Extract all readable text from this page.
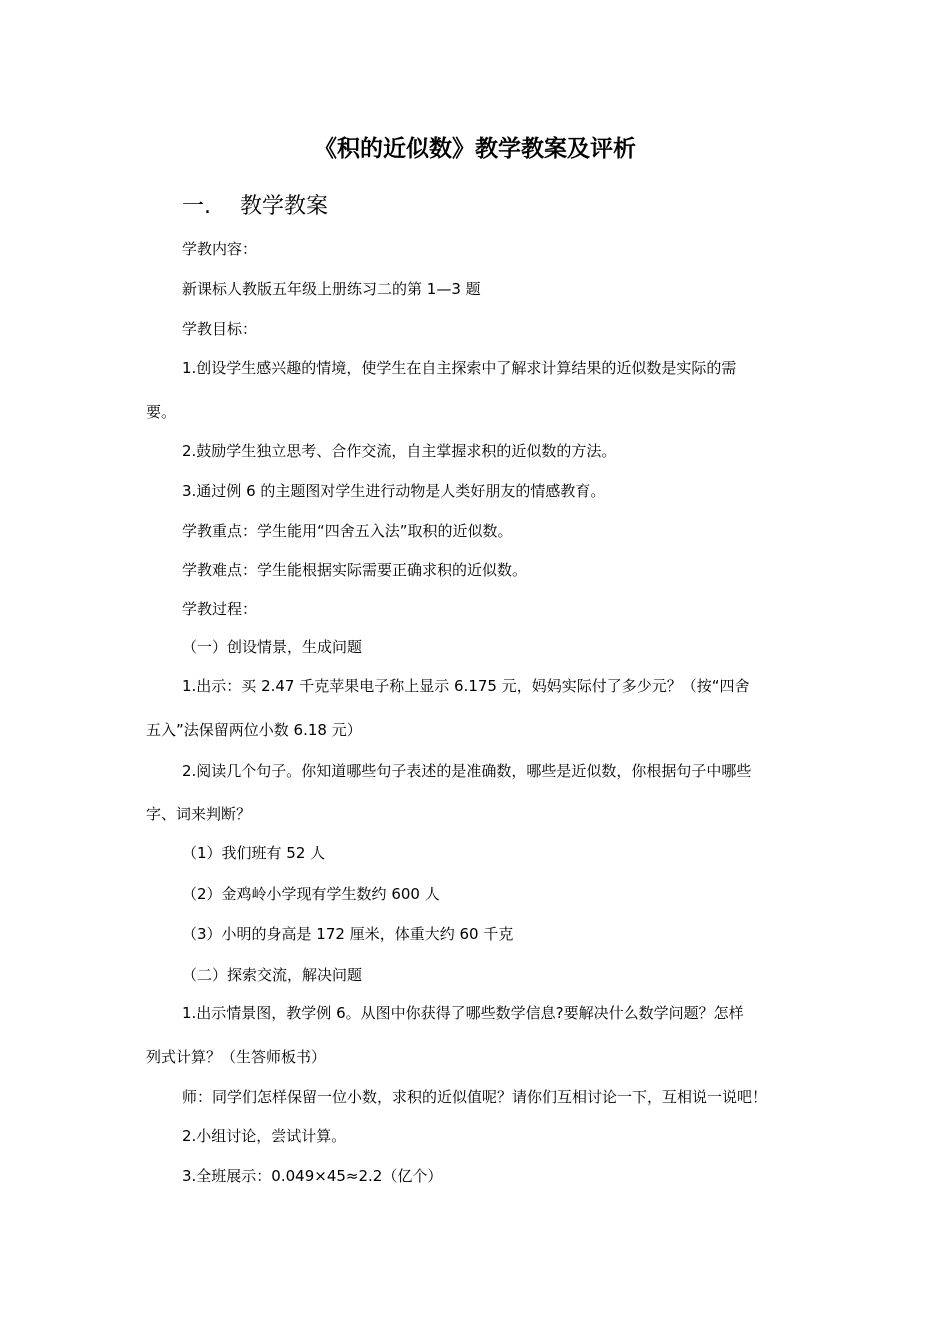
《积的近似数》教学教案及评析
一. 教学教案
学教内容：
新课标人教版五年级上册练习二的第 1—3 题
学教目标：
1.创设学生感兴趣的情境，使学生在自主探索中了解求计算结果的近似数是实际的需
要。
2.鼓励学生独立思考、合作交流，自主掌握求积的近似数的方法。
3.通过例 6 的主题图对学生进行动物是人类好朋友的情感教育。
学教重点：学生能用“四舍五入法”取积的近似数。
学教难点：学生能根据实际需要正确求积的近似数。
学教过程：
（一）创设情景，生成问题
1.出示：买 2.47 千克苹果电子称上显示 6.175 元，妈妈实际付了多少元？（按“四舍
五入”法保留两位小数 6.18 元）
2.阅读几个句子。你知道哪些句子表述的是准确数，哪些是近似数，你根据句子中哪些
字、词来判断？
（1）我们班有 52 人
（2）金鸡岭小学现有学生数约 600 人
（3）小明的身高是 172 厘米，体重大约 60 千克
（二）探索交流，解决问题
1.出示情景图，教学例 6。从图中你获得了哪些数学信息?要解决什么数学问题？怎样
列式计算？（生答师板书）
师：同学们怎样保留一位小数，求积的近似值呢？请你们互相讨论一下，互相说一说吧！
2.小组讨论，尝试计算。
3.全班展示：0.049×45≈2.2（亿个）
